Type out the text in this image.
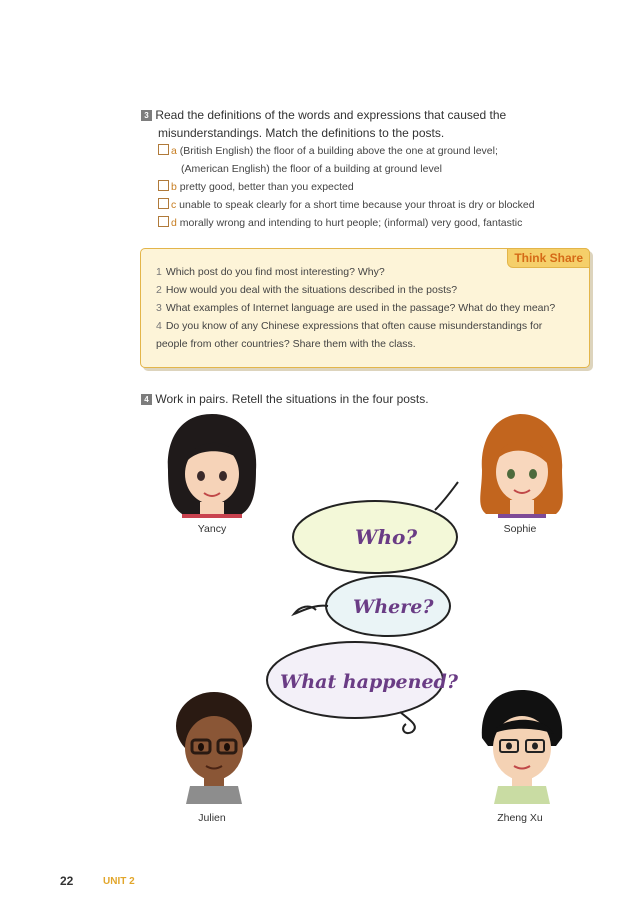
3 Read the definitions of the words and expressions that caused the
misunderstandings. Match the definitions to the posts.
a (British English) the floor of a building above the one at ground level;
(American English) the floor of a building at ground level
b pretty good, better than you expected
c unable to speak clearly for a short time because your throat is dry or blocked
d morally wrong and intending to hurt people; (informal) very good, fantastic
Think Share
1 Which post do you find most interesting? Why?
2 How would you deal with the situations described in the posts?
3 What examples of Internet language are used in the passage? What do they mean?
4 Do you know of any Chinese expressions that often cause misunderstandings for
people from other countries? Share them with the class.
4 Work in pairs. Retell the situations in the four posts.
Yancy	Sophie
Julien	Zheng Xu
Who?
Where?
What happened?
22	UNIT 2
